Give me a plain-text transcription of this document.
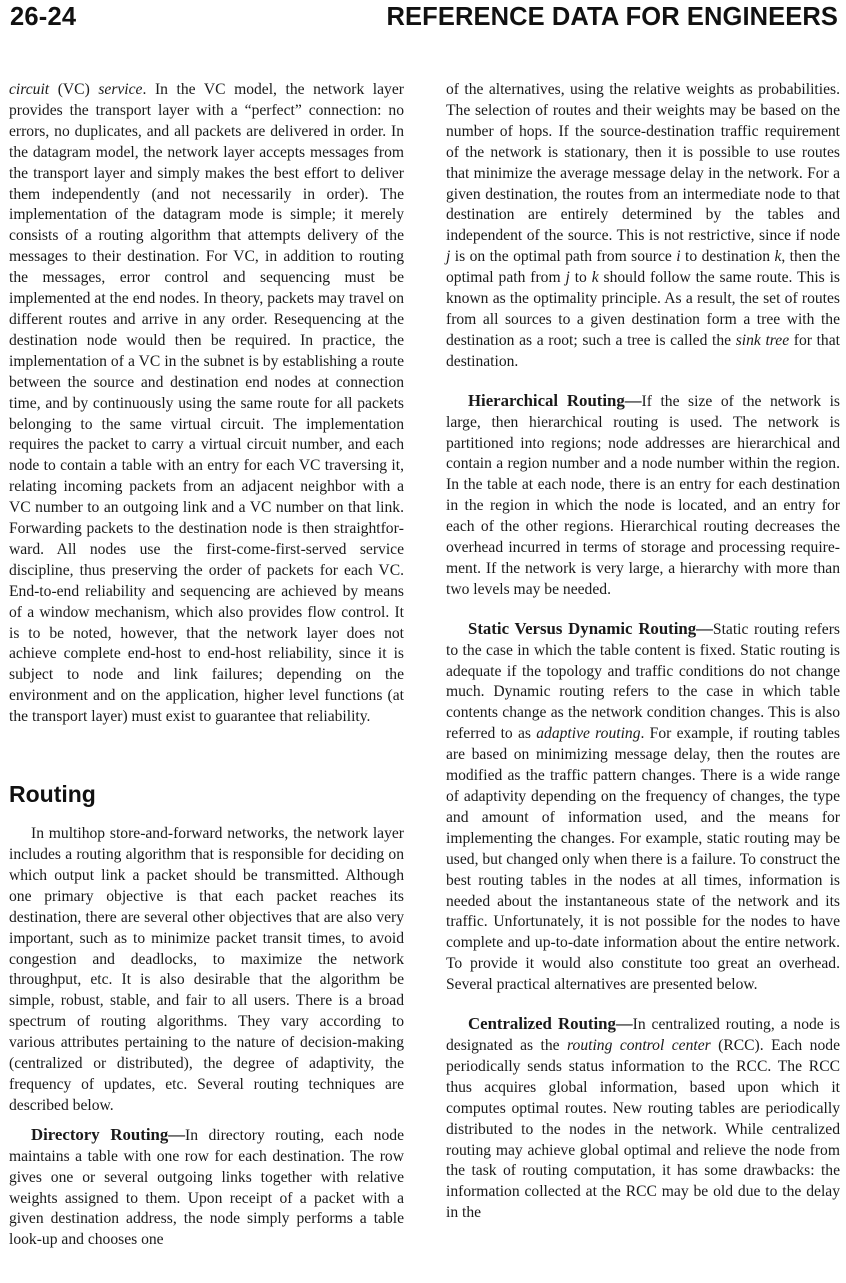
26-24	REFERENCE DATA FOR ENGINEERS

circuit (VC) service. In the VC model, the network layer provides the transport layer with a “perfect” connection: no errors, no duplicates, and all packets are delivered in order. In the datagram model, the network layer accepts messages from the transport layer and simply makes the best effort to deliver them independently (and not necessarily in order). The implementation of the datagram mode is simple; it merely consists of a routing algorithm that attempts delivery of the messages to their destination. For VC, in addition to routing the messages, error control and sequencing must be implemented at the end nodes. In theory, packets may travel on different routes and arrive in any order. Resequencing at the destination node would then be required. In practice, the implementation of a VC in the subnet is by establishing a route between the source and destination end nodes at connection time, and by continuously using the same route for all packets belonging to the same virtual circuit. The implementation requires the packet to carry a virtual circuit number, and each node to contain a table with an entry for each VC traversing it, relating incoming packets from an adjacent neighbor with a VC number to an outgoing link and a VC number on that link. Forwarding packets to the destination node is then straightforward. All nodes use the first-come-first-served service discipline, thus preserving the order of packets for each VC. End-to-end reliability and sequencing are achieved by means of a window mechanism, which also provides flow control. It is to be noted, however, that the network layer does not achieve complete end-host to end-host reliability, since it is subject to node and link failures; depending on the environment and on the application, higher level functions (at the transport layer) must exist to guarantee that reliability.

Routing

In multihop store-and-forward networks, the network layer includes a routing algorithm that is responsible for deciding on which output link a packet should be transmitted. Although one primary objective is that each packet reaches its destination, there are several other objectives that are also very important, such as to minimize packet transit times, to avoid congestion and deadlocks, to maximize the network throughput, etc. It is also desirable that the algorithm be simple, robust, stable, and fair to all users. There is a broad spectrum of routing algorithms. They vary according to various attributes pertaining to the nature of decision-making (centralized or distributed), the degree of adaptivity, the frequency of updates, etc. Several routing techniques are described below.

Directory Routing—In directory routing, each node maintains a table with one row for each destination. The row gives one or several outgoing links together with relative weights assigned to them. Upon receipt of a packet with a given destination address, the node simply performs a table look-up and chooses one

of the alternatives, using the relative weights as probabilities. The selection of routes and their weights may be based on the number of hops. If the source-destination traffic requirement of the network is stationary, then it is possible to use routes that minimize the average message delay in the network. For a given destination, the routes from an intermediate node to that destination are entirely determined by the tables and independent of the source. This is not restrictive, since if node j is on the optimal path from source i to destination k, then the optimal path from j to k should follow the same route. This is known as the optimality principle. As a result, the set of routes from all sources to a given destination form a tree with the destination as a root; such a tree is called the sink tree for that destination.

Hierarchical Routing—If the size of the network is large, then hierarchical routing is used. The network is partitioned into regions; node addresses are hierarchical and contain a region number and a node number within the region. In the table at each node, there is an entry for each destination in the region in which the node is located, and an entry for each of the other regions. Hierarchical routing decreases the overhead incurred in terms of storage and processing requirement. If the network is very large, a hierarchy with more than two levels may be needed.

Static Versus Dynamic Routing—Static routing refers to the case in which the table content is fixed. Static routing is adequate if the topology and traffic conditions do not change much. Dynamic routing refers to the case in which table contents change as the network condition changes. This is also referred to as adaptive routing. For example, if routing tables are based on minimizing message delay, then the routes are modified as the traffic pattern changes. There is a wide range of adaptivity depending on the frequency of changes, the type and amount of information used, and the means for implementing the changes. For example, static routing may be used, but changed only when there is a failure. To construct the best routing tables in the nodes at all times, information is needed about the instantaneous state of the network and its traffic. Unfortunately, it is not possible for the nodes to have complete and up-to-date information about the entire network. To provide it would also constitute too great an overhead. Several practical alternatives are presented below.

Centralized Routing—In centralized routing, a node is designated as the routing control center (RCC). Each node periodically sends status information to the RCC. The RCC thus acquires global information, based upon which it computes optimal routes. New routing tables are periodically distributed to the nodes in the network. While centralized routing may achieve global optimal and relieve the node from the task of routing computation, it has some drawbacks: the information collected at the RCC may be old due to the delay in the
